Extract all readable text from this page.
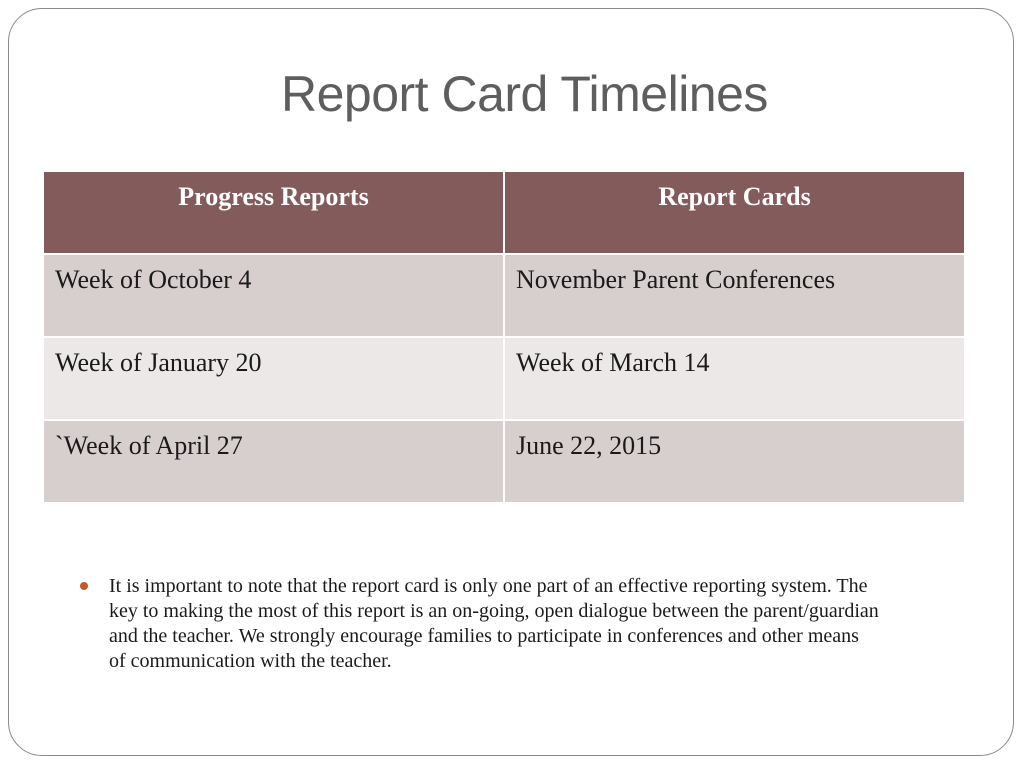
Report Card Timelines
Progress Reports	Report Cards
Week of October 4	November Parent Conferences
Week of January 20	Week of March 14
`Week of April 27	June 22, 2015
It is important to note that the report card is only one part of an effective reporting system. The key to making the most of this report is an on-going, open dialogue between the parent/guardian and the teacher. We strongly encourage families to participate in conferences and other means of communication with the teacher.
